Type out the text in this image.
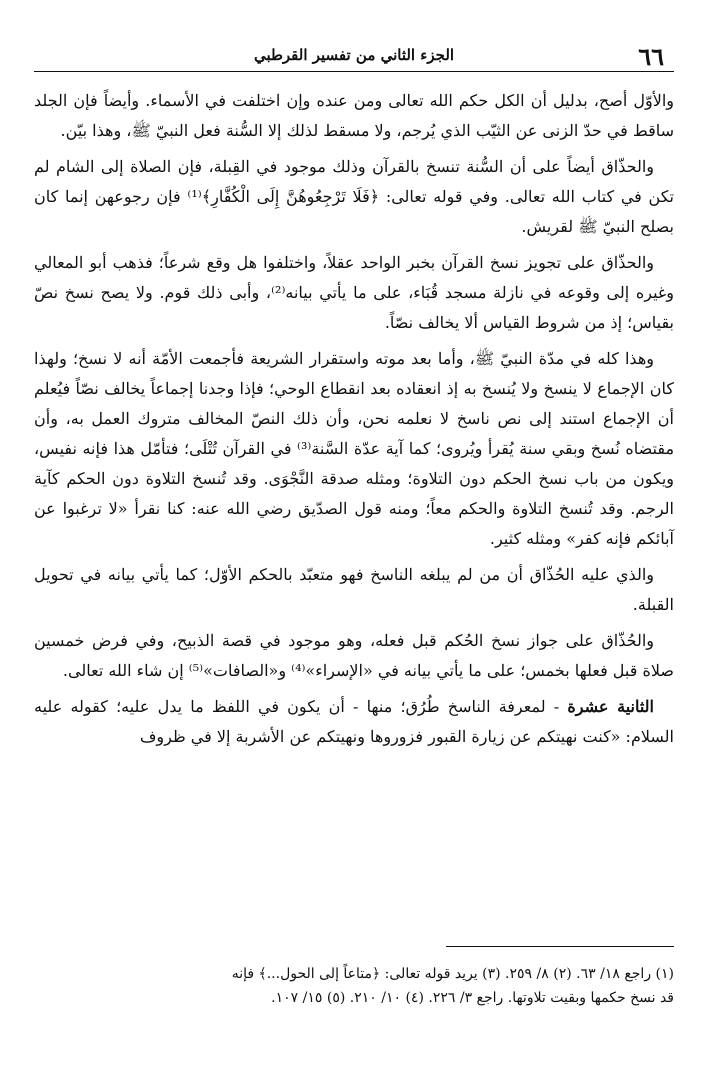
٦٦
الجزء الثاني من تفسير القرطبي

والأوّل أصح، بدليل أن الكل حكم الله تعالى ومن عنده وإن اختلفت في الأسماء. وأيضاً فإن الجلد ساقط في حدّ الزنى عن الثيّب الذي يُرجم، ولا مسقط لذلك إلا السُّنة فعل النبيّ ﷺ، وهذا بيّن.

والحذّاق أيضاً على أن السُّنة تنسخ بالقرآن وذلك موجود في القِبلة، فإن الصلاة إلى الشام لم تكن في كتاب الله تعالى. وفي قوله تعالى: ﴿فَلَا تَرْجِعُوهُنَّ إِلَى الْكُفَّارِ﴾⁽¹⁾ فإن رجوعهن إنما كان بصلح النبيّ ﷺ لقريش.

والحذّاق على تجويز نسخ القرآن بخبر الواحد عقلاً، واختلفوا هل وقع شرعاً؛ فذهب أبو المعالي وغيره إلى وقوعه في نازلة مسجد قُبَاء، على ما يأتي بيانه⁽²⁾، وأبى ذلك قوم. ولا يصح نسخ نصّ بقياس؛ إذ من شروط القياس ألا يخالف نصّاً.

وهذا كله في مدّة النبيّ ﷺ، وأما بعد موته واستقرار الشريعة فأجمعت الأمّة أنه لا نسخ؛ ولهذا كان الإجماع لا ينسخ ولا يُنسخ به إذ انعقاده بعد انقطاع الوحي؛ فإذا وجدنا إجماعاً يخالف نصّاً فيُعلم أن الإجماع استند إلى نص ناسخ لا نعلمه نحن، وأن ذلك النصّ المخالف متروك العمل به، وأن مقتضاه نُسخ وبقي سنة يُقرأ ويُروى؛ كما آية عدّة السَّنة⁽³⁾ في القرآن تُتْلَى؛ فتأمّل هذا فإنه نفيس، ويكون من باب نسخ الحكم دون التلاوة؛ ومثله صدقة النَّجْوَى. وقد تُنسخ التلاوة دون الحكم كآية الرجم. وقد تُنسخ التلاوة والحكم معاً؛ ومنه قول الصدّيق رضي الله عنه: كنا نقرأ «لا ترغبوا عن آبائكم فإنه كفر» ومثله كثير.

والذي عليه الحُذّاق أن من لم يبلغه الناسخ فهو متعبّد بالحكم الأوّل؛ كما يأتي بيانه في تحويل القبلة.

والحُذّاق على جواز نسخ الحُكم قبل فعله، وهو موجود في قصة الذبيح، وفي فرض خمسين صلاة قبل فعلها بخمس؛ على ما يأتي بيانه في «الإسراء»⁽⁴⁾ و«الصافات»⁽⁵⁾ إن شاء الله تعالى.

الثانية عشرة - لمعرفة الناسخ طُرُق؛ منها - أن يكون في اللفظ ما يدل عليه؛ كقوله عليه السلام: «كنت نهيتكم عن زيارة القبور فزوروها ونهيتكم عن الأشربة إلا في ظروف

(١) راجع ١٨/ ٦٣. (٢) ٨/ ٢٥٩. (٣) يريد قوله تعالى: ﴿متاعاً إلى الحول...﴾ فإنه
قد نسخ حكمها وبقيت تلاوتها. راجع ٣/ ٢٢٦. (٤) ١٠/ ٢١٠. (٥) ١٥/ ١٠٧.
